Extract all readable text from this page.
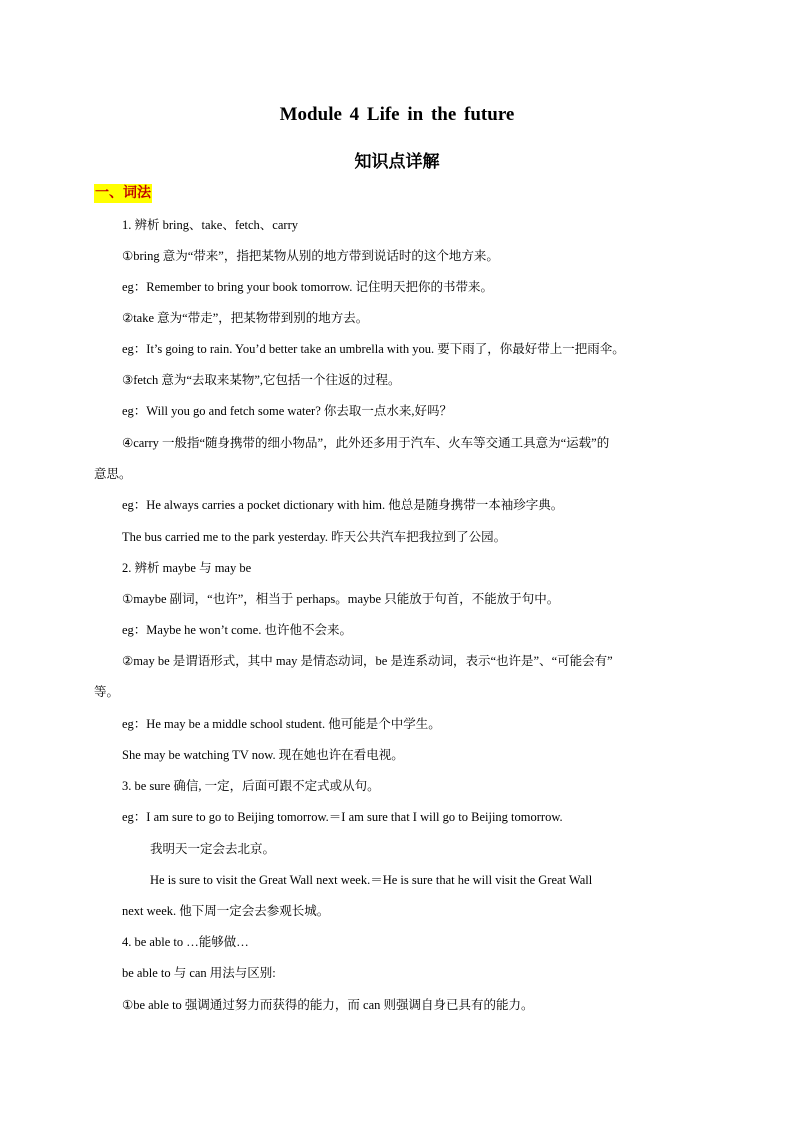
Module 4 Life in the future
知识点详解
一、词法
1. 辨析 bring、take、fetch、carry
①bring 意为“带来”，指把某物从别的地方带到说话时的这个地方来。
eg：Remember to bring your book tomorrow. 记住明天把你的书带来。
②take 意为“带走”，把某物带到别的地方去。
eg：It’s going to rain. You’d better take an umbrella with you. 要下雨了，你最好带上一把雨伞。
③fetch 意为“去取来某物”,它包括一个往返的过程。
eg：Will you go and fetch some water? 你去取一点水来,好吗？
④carry 一般指“随身携带的细小物品”，此外还多用于汽车、火车等交通工具意为“运载”的
意思。
eg：He always carries a pocket dictionary with him. 他总是随身携带一本袖珍字典。
The bus carried me to the park yesterday. 昨天公共汽车把我拉到了公园。
2. 辨析 maybe 与 may be
①maybe 副词，“也许”，相当于 perhaps。maybe 只能放于句首，不能放于句中。
eg：Maybe he won’t come. 也许他不会来。
②may be 是谓语形式，其中 may 是情态动词，be 是连系动词，表示“也许是”、“可能会有”
等。
eg：He may be a middle school student. 他可能是个中学生。
She may be watching TV now. 现在她也许在看电视。
3. be sure 确信, 一定，后面可跟不定式或从句。
eg：I am sure to go to Beijing tomorrow.＝I am sure that I will go to Beijing tomorrow.
我明天一定会去北京。
He is sure to visit the Great Wall next week.＝He is sure that he will visit the Great Wall
next week. 他下周一定会去参观长城。
4. be able to …能够做…
be able to 与 can 用法与区别:
①be able to 强调通过努力而获得的能力，而 can 则强调自身已具有的能力。
